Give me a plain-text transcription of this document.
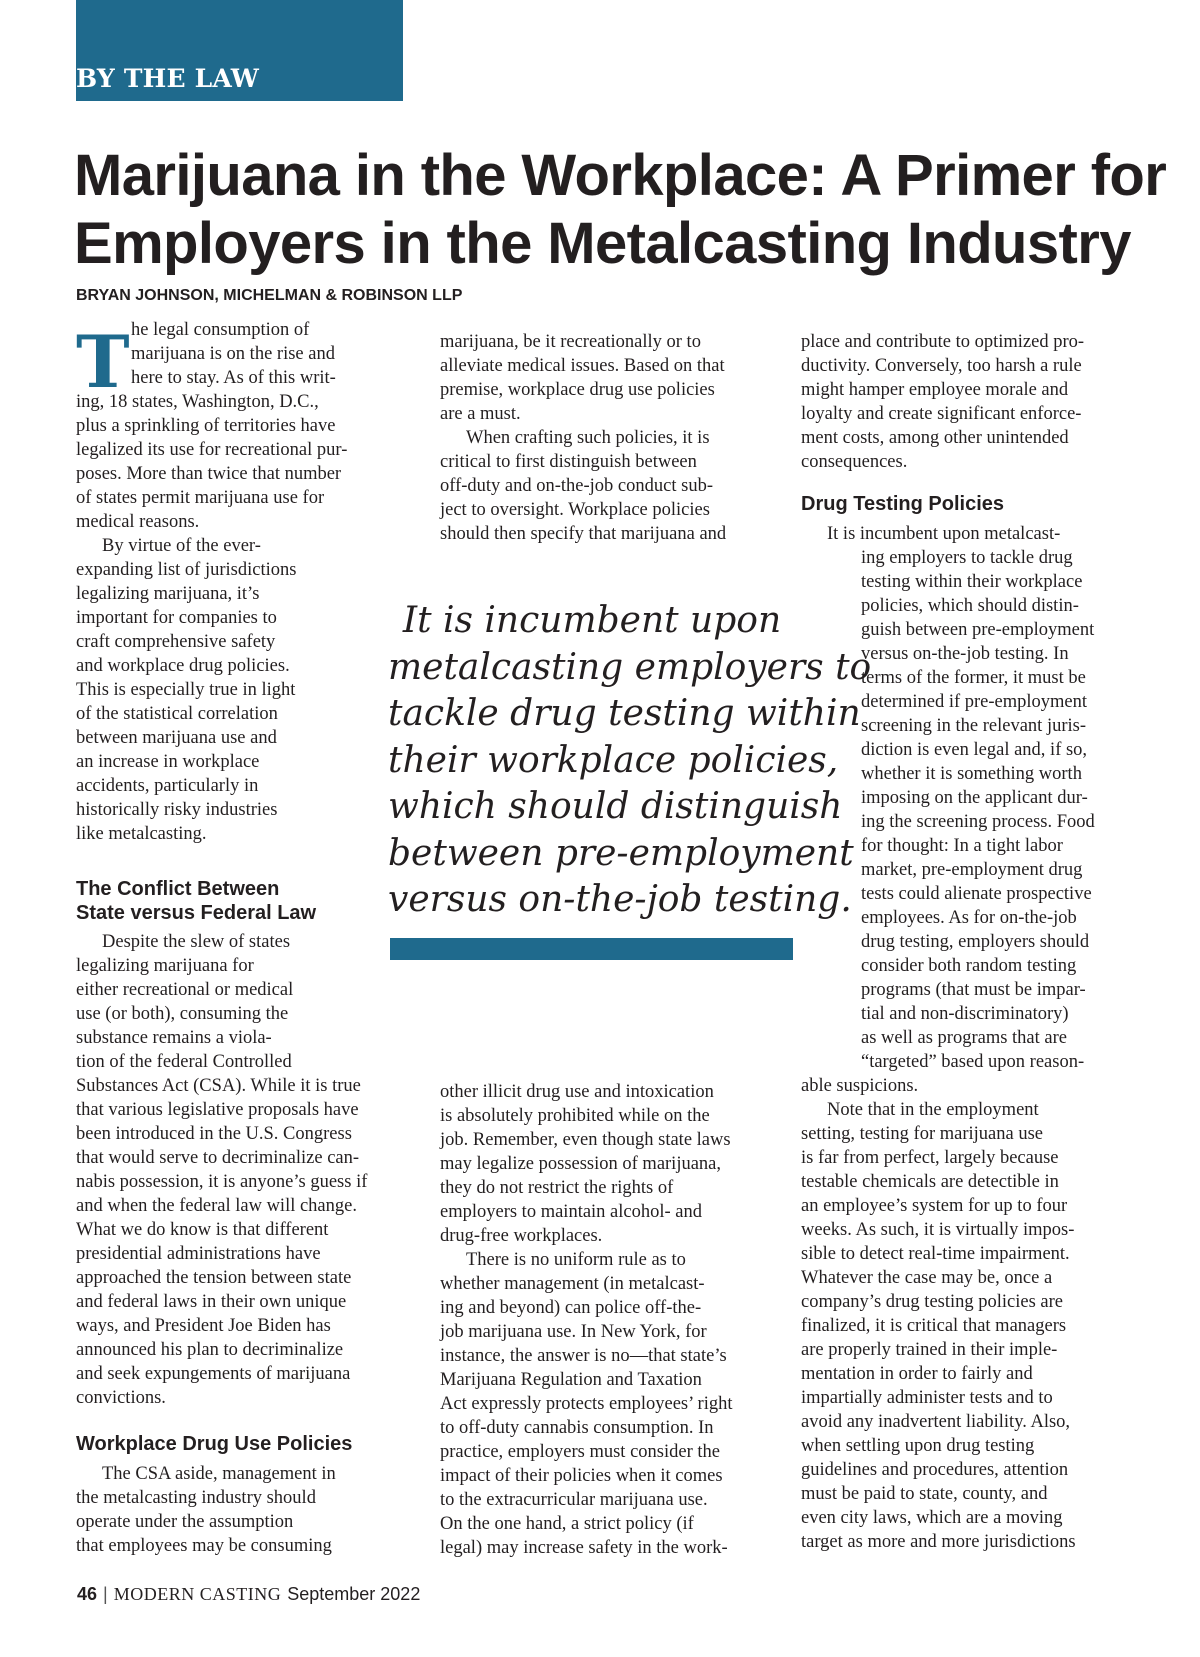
BY THE LAW
Marijuana in the Workplace: A Primer for
Employers in the Metalcasting Industry
BRYAN JOHNSON, MICHELMAN & ROBINSON LLP
T he legal consumption of
marijuana is on the rise and
here to stay. As of this writ-
ing, 18 states, Washington, D.C.,
plus a sprinkling of territories have
legalized its use for recreational pur-
poses. More than twice that number
of states permit marijuana use for
medical reasons.

By virtue of the ever-
expanding list of jurisdictions
legalizing marijuana, it’s
important for companies to
craft comprehensive safety
and workplace drug policies.
This is especially true in light
of the statistical correlation
between marijuana use and
an increase in workplace
accidents, particularly in
historically risky industries
like metalcasting.

The Conflict Between
State versus Federal Law

Despite the slew of states
legalizing marijuana for
either recreational or medical
use (or both), consuming the
substance remains a viola-
tion of the federal Controlled
Substances Act (CSA). While it is true
that various legislative proposals have
been introduced in the U.S. Congress
that would serve to decriminalize can-
nabis possession, it is anyone’s guess if
and when the federal law will change.
What we do know is that different
presidential administrations have
approached the tension between state
and federal laws in their own unique
ways, and President Joe Biden has
announced his plan to decriminalize
and seek expungements of marijuana
convictions.

Workplace Drug Use Policies

The CSA aside, management in
the metalcasting industry should
operate under the assumption
that employees may be consuming

marijuana, be it recreationally or to
alleviate medical issues. Based on that
premise, workplace drug use policies
are a must.

When crafting such policies, it is
critical to first distinguish between
off-duty and on-the-job conduct sub-
ject to oversight. Workplace policies
should then specify that marijuana and

It is incumbent upon
metalcasting employers to
tackle drug testing within
their workplace policies,
which should distinguish
between pre-employment
versus on-the-job testing.

other illicit drug use and intoxication
is absolutely prohibited while on the
job. Remember, even though state laws
may legalize possession of marijuana,
they do not restrict the rights of
employers to maintain alcohol- and
drug-free workplaces.

There is no uniform rule as to
whether management (in metalcast-
ing and beyond) can police off-the-
job marijuana use. In New York, for
instance, the answer is no—that state’s
Marijuana Regulation and Taxation
Act expressly protects employees’ right
to off-duty cannabis consumption. In
practice, employers must consider the
impact of their policies when it comes
to the extracurricular marijuana use.
On the one hand, a strict policy (if
legal) may increase safety in the work-

place and contribute to optimized pro-
ductivity. Conversely, too harsh a rule
might hamper employee morale and
loyalty and create significant enforce-
ment costs, among other unintended
consequences.

Drug Testing Policies

It is incumbent upon metalcast-
ing employers to tackle drug
testing within their workplace
policies, which should distin-
guish between pre-employment
versus on-the-job testing. In
terms of the former, it must be
determined if pre-employment
screening in the relevant juris-
diction is even legal and, if so,
whether it is something worth
imposing on the applicant dur-
ing the screening process. Food
for thought: In a tight labor
market, pre-employment drug
tests could alienate prospective
employees. As for on-the-job
drug testing, employers should
consider both random testing
programs (that must be impar-
tial and non-discriminatory)
as well as programs that are
“targeted” based upon reason-
able suspicions.

Note that in the employment
setting, testing for marijuana use
is far from perfect, largely because
testable chemicals are detectible in
an employee’s system for up to four
weeks. As such, it is virtually impos-
sible to detect real-time impairment.
Whatever the case may be, once a
company’s drug testing policies are
finalized, it is critical that managers
are properly trained in their imple-
mentation in order to fairly and
impartially administer tests and to
avoid any inadvertent liability. Also,
when settling upon drug testing
guidelines and procedures, attention
must be paid to state, county, and
even city laws, which are a moving
target as more and more jurisdictions

46 | MODERN CASTING September 2022
